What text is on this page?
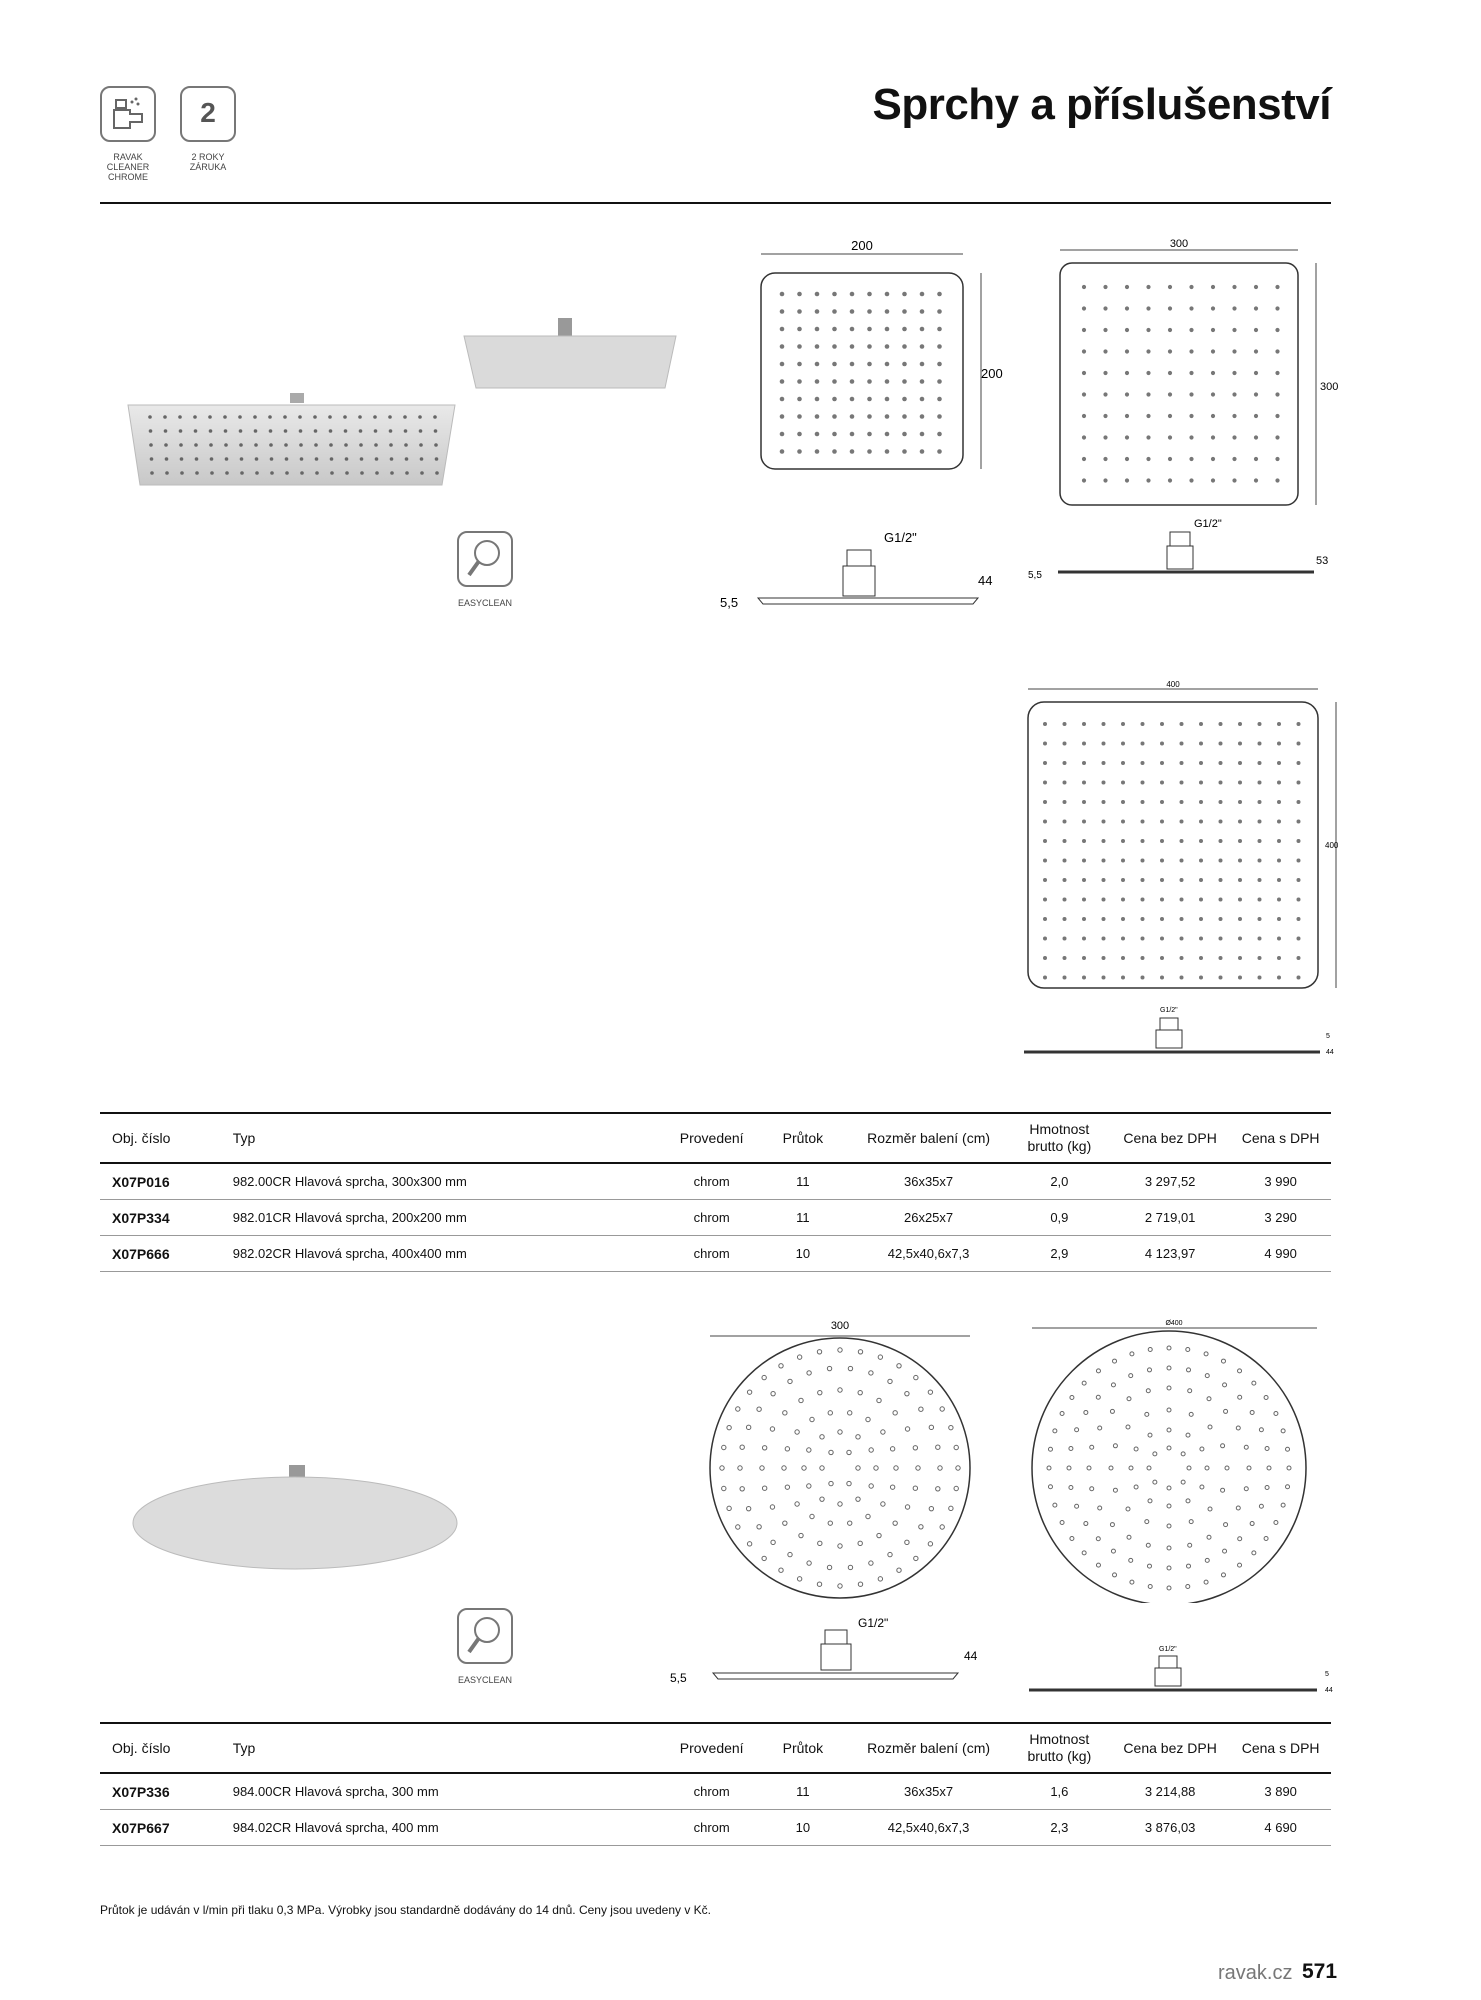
RAVAK
CLEANER
CHROME
2
2 ROKY
ZÁRUKA
Sprchy a příslušenství
EASYCLEAN
EASYCLEAN
200
200
G1/2"
5,5
44
300
300
G1/2"
5,5
53
400
400
G1/2"
5
44
Obj. číslo	Typ	Provedení	Průtok	Rozměr balení (cm)	Hmotnost
brutto (kg)	Cena bez DPH	Cena s DPH
X07P016	982.00CR Hlavová sprcha, 300x300 mm	chrom	11	36x35x7	2,0	3 297,52	3 990
X07P334	982.01CR Hlavová sprcha, 200x200 mm	chrom	11	26x25x7	0,9	2 719,01	3 290
X07P666	982.02CR Hlavová sprcha, 400x400 mm	chrom	10	42,5x40,6x7,3	2,9	4 123,97	4 990
300
G1/2"
5,5
44
Ø400
G1/2"
5
44
Obj. číslo	Typ	Provedení	Průtok	Rozměr balení (cm)	Hmotnost
brutto (kg)	Cena bez DPH	Cena s DPH
X07P336	984.00CR Hlavová sprcha, 300 mm	chrom	11	36x35x7	1,6	3 214,88	3 890
X07P667	984.02CR Hlavová sprcha, 400 mm	chrom	10	42,5x40,6x7,3	2,3	3 876,03	4 690
Průtok je udáván v l/min při tlaku 0,3 MPa. Výrobky jsou standardně dodávány do 14 dnů. Ceny jsou uvedeny v Kč.
ravak.cz 571
